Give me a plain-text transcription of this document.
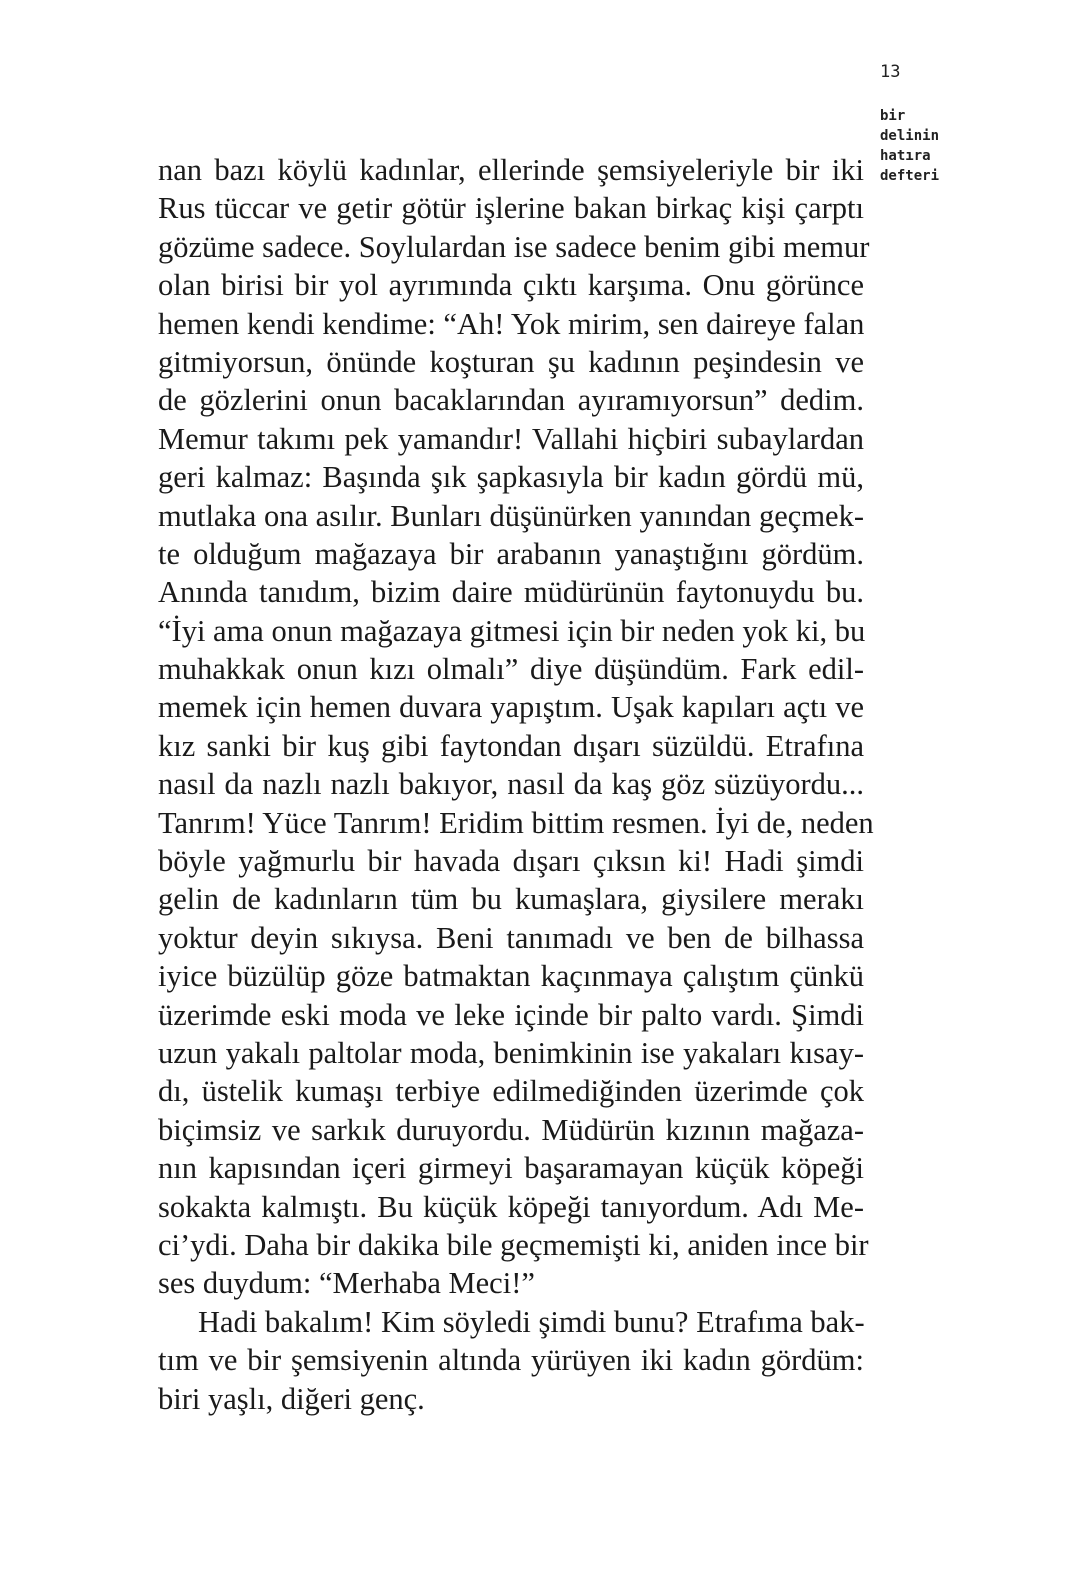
13
bir
delinin
hatıra
defteri
nan bazı köylü kadınlar, ellerinde şemsiyeleriyle bir iki
Rus tüccar ve getir götür işlerine bakan birkaç kişi çarptı
gözüme sadece. Soylulardan ise sadece benim gibi memur
olan birisi bir yol ayrımında çıktı karşıma. Onu görünce
hemen kendi kendime: “Ah! Yok mirim, sen daireye falan
gitmiyorsun, önünde koşturan şu kadının peşindesin ve
de gözlerini onun bacaklarından ayıramıyorsun” dedim.
Memur takımı pek yamandır! Vallahi hiçbiri subaylardan
geri kalmaz: Başında şık şapkasıyla bir kadın gördü mü,
mutlaka ona asılır. Bunları düşünürken yanından geçmek-
te olduğum mağazaya bir arabanın yanaştığını gördüm.
Anında tanıdım, bizim daire müdürünün faytonuydu bu.
“İyi ama onun mağazaya gitmesi için bir neden yok ki, bu
muhakkak onun kızı olmalı” diye düşündüm. Fark edil-
memek için hemen duvara yapıştım. Uşak kapıları açtı ve
kız sanki bir kuş gibi faytondan dışarı süzüldü. Etrafına
nasıl da nazlı nazlı bakıyor, nasıl da kaş göz süzüyordu...
Tanrım! Yüce Tanrım! Eridim bittim resmen. İyi de, neden
böyle yağmurlu bir havada dışarı çıksın ki! Hadi şimdi
gelin de kadınların tüm bu kumaşlara, giysilere merakı
yoktur deyin sıkıysa. Beni tanımadı ve ben de bilhassa
iyice büzülüp göze batmaktan kaçınmaya çalıştım çünkü
üzerimde eski moda ve leke içinde bir palto vardı. Şimdi
uzun yakalı paltolar moda, benimkinin ise yakaları kısay-
dı, üstelik kumaşı terbiye edilmediğinden üzerimde çok
biçimsiz ve sarkık duruyordu. Müdürün kızının mağaza-
nın kapısından içeri girmeyi başaramayan küçük köpeği
sokakta kalmıştı. Bu küçük köpeği tanıyordum. Adı Me-
ci’ydi. Daha bir dakika bile geçmemişti ki, aniden ince bir
ses duydum: “Merhaba Meci!”
Hadi bakalım! Kim söyledi şimdi bunu? Etrafıma bak-
tım ve bir şemsiyenin altında yürüyen iki kadın gördüm:
biri yaşlı, diğeri genç.
